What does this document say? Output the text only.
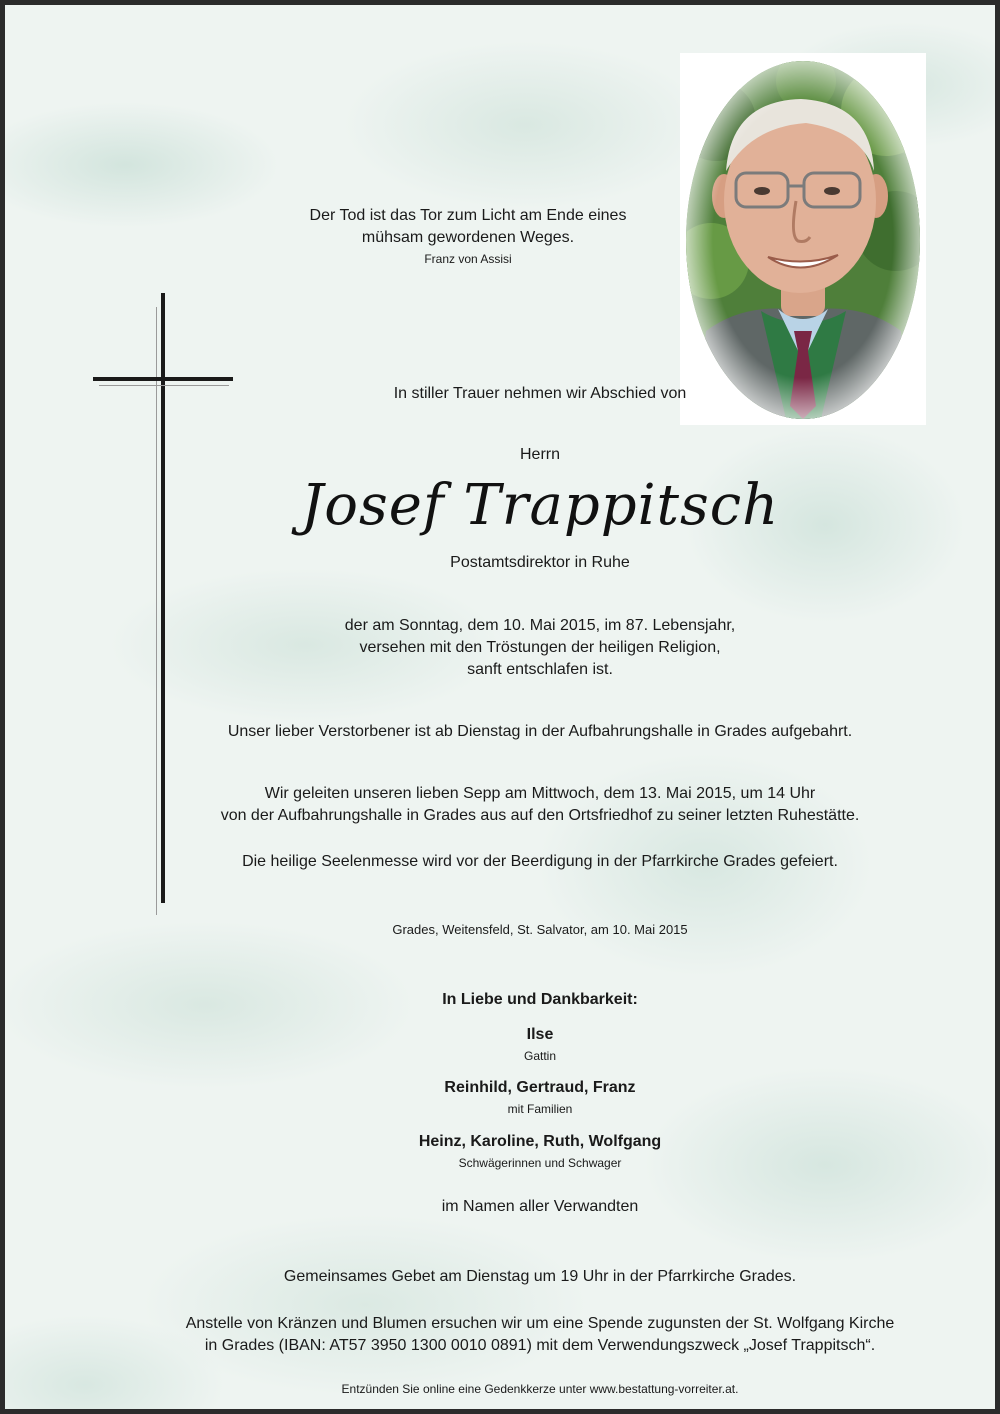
Der Tod ist das Tor zum Licht am Ende eines
mühsam gewordenen Weges.
Franz von Assisi
In stiller Trauer nehmen wir Abschied von
Herrn
Josef Trappitsch
Postamtsdirektor in Ruhe
der am Sonntag, dem 10. Mai 2015, im 87. Lebensjahr,
versehen mit den Tröstungen der heiligen Religion,
sanft entschlafen ist.
Unser lieber Verstorbener ist ab Dienstag in der Aufbahrungshalle in Grades aufgebahrt.
Wir geleiten unseren lieben Sepp am Mittwoch, dem 13. Mai 2015, um 14 Uhr
von der Aufbahrungshalle in Grades aus auf den Ortsfriedhof zu seiner letzten Ruhestätte.
Die heilige Seelenmesse wird vor der Beerdigung in der Pfarrkirche Grades gefeiert.
Grades, Weitensfeld, St. Salvator, am 10. Mai 2015
In Liebe und Dankbarkeit:
Ilse
Gattin
Reinhild, Gertraud, Franz
mit Familien
Heinz, Karoline, Ruth, Wolfgang
Schwägerinnen und Schwager
im Namen aller Verwandten
Gemeinsames Gebet am Dienstag um 19 Uhr in der Pfarrkirche Grades.
Anstelle von Kränzen und Blumen ersuchen wir um eine Spende zugunsten der St. Wolfgang Kirche
in Grades (IBAN: AT57 3950 1300 0010 0891) mit dem Verwendungszweck „Josef Trappitsch“.
Entzünden Sie online eine Gedenkkerze unter www.bestattung-vorreiter.at.
